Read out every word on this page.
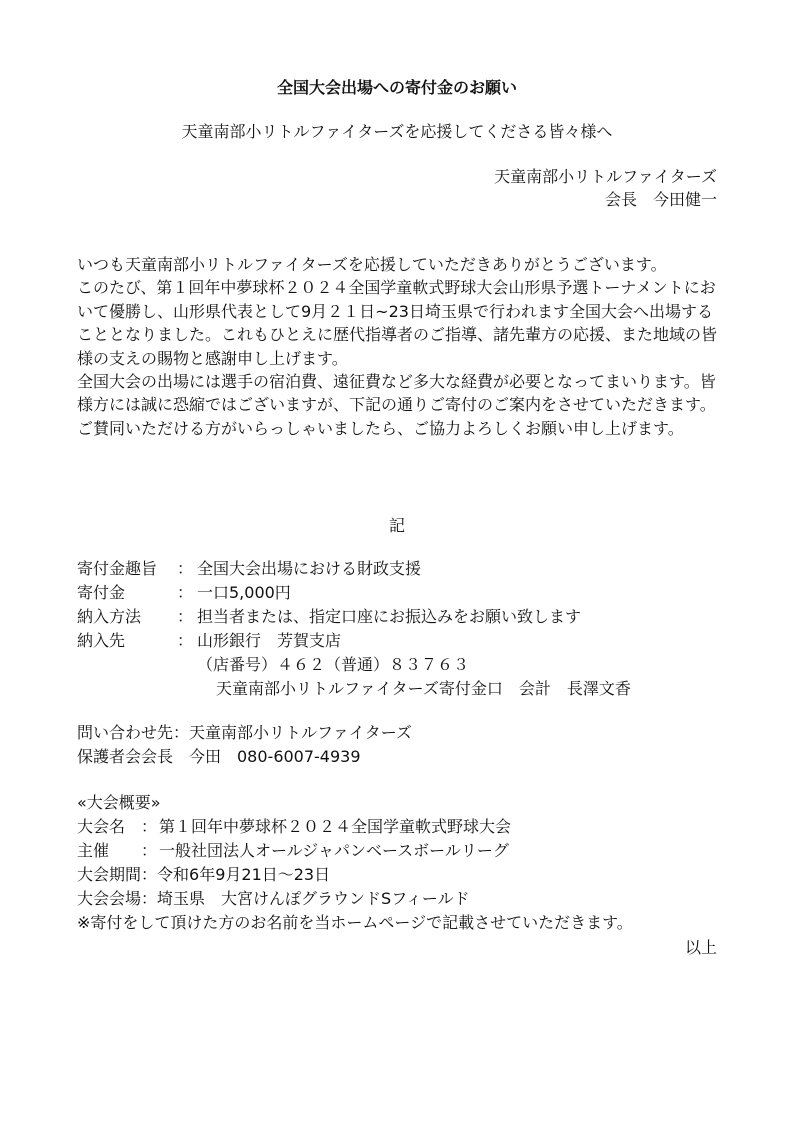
全国大会出場への寄付金のお願い
天童南部小リトルファイターズを応援してくださる皆々様へ
天童南部小リトルファイターズ
会長　今田健一

いつも天童南部小リトルファイターズを応援していただきありがとうございます。

このたび、第１回年中夢球杯２０２４全国学童軟式野球大会山形県予選トーナメントにおいて優勝し、山形県代表として9月２１日~23日埼玉県で行われます全国大会へ出場することとなりました。これもひとえに歴代指導者のご指導、諸先輩方の応援、また地域の皆様の支えの賜物と感謝申し上げます。

全国大会の出場には選手の宿泊費、遠征費など多大な経費が必要となってまいります。皆様方には誠に恐縮ではございますが、下記の通りご寄付のご案内をさせていただきます。

ご賛同いただける方がいらっしゃいましたら、ご協力よろしくお願い申し上げます。

記
寄付金趣旨 ： 全国大会出場における財政支援
寄付金	： 一口5,000円
納入方法 ： 担当者または、指定口座にお振込みをお願い致します
納入先	： 山形銀行　芳賀支店
（店番号）４６２（普通）８３７６３
天童南部小リトルファイターズ寄付金口　会計　長澤文香
問い合わせ先：天童南部小リトルファイターズ
保護者会会長　今田　080-6007-4939
«大会概要»
大会名 ： 第１回年中夢球杯２０２４全国学童軟式野球大会
主催 ： 一般社団法人オールジャパンベースボールリーグ
大会期間：令和6年9月21日〜23日
大会会場：埼玉県　大宮けんぽグラウンドSフィールド
※寄付をして頂けた方のお名前を当ホームページで記載させていただきます。
以上
